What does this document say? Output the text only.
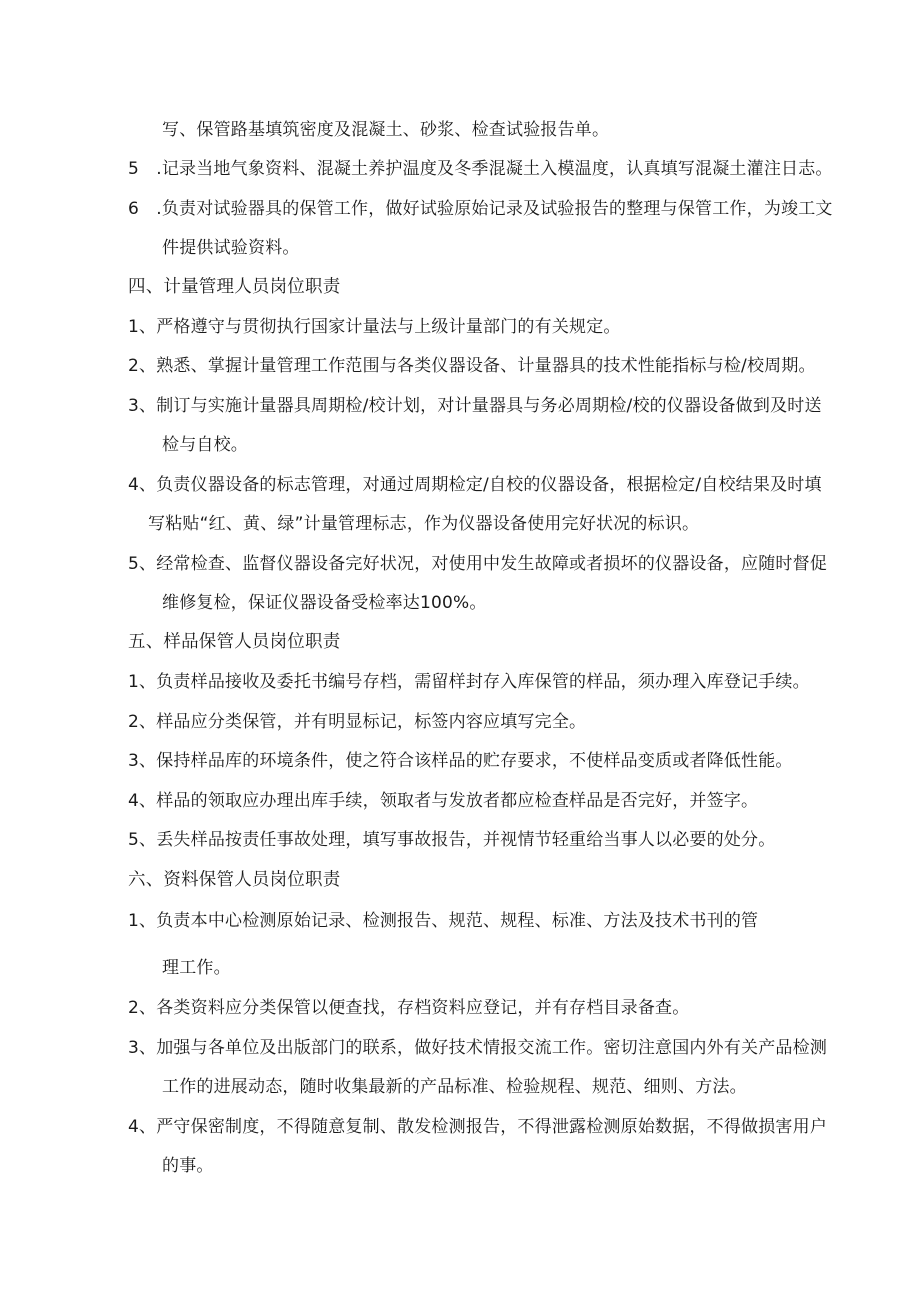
写、保管路基填筑密度及混凝土、砂浆、检查试验报告单。
5　.记录当地气象资料、混凝土养护温度及冬季混凝土入模温度，认真填写混凝土灌注日志。
6　.负责对试验器具的保管工作，做好试验原始记录及试验报告的整理与保管工作，为竣工文
件提供试验资料。
四、计量管理人员岗位职责
1、严格遵守与贯彻执行国家计量法与上级计量部门的有关规定。
2、熟悉、掌握计量管理工作范围与各类仪器设备、计量器具的技术性能指标与检/校周期。
3、制订与实施计量器具周期检/校计划，对计量器具与务必周期检/校的仪器设备做到及时送
检与自校。
4、负责仪器设备的标志管理，对通过周期检定/自校的仪器设备，根据检定/自校结果及时填
写粘贴“红、黄、绿”计量管理标志，作为仪器设备使用完好状况的标识。
5、经常检查、监督仪器设备完好状况，对使用中发生故障或者损坏的仪器设备，应随时督促
维修复检，保证仪器设备受检率达100%。
五、样品保管人员岗位职责
1、负责样品接收及委托书编号存档，需留样封存入库保管的样品，须办理入库登记手续。
2、样品应分类保管，并有明显标记，标签内容应填写完全。
3、保持样品库的环境条件，使之符合该样品的贮存要求，不使样品变质或者降低性能。
4、样品的领取应办理出库手续，领取者与发放者都应检查样品是否完好，并签字。
5、丢失样品按责任事故处理，填写事故报告，并视情节轻重给当事人以必要的处分。
六、资料保管人员岗位职责
1、负责本中心检测原始记录、检测报告、规范、规程、标准、方法及技术书刊的管
理工作。
2、各类资料应分类保管以便查找，存档资料应登记，并有存档目录备查。
3、加强与各单位及出版部门的联系，做好技术情报交流工作。密切注意国内外有关产品检测
工作的进展动态，随时收集最新的产品标准、检验规程、规范、细则、方法。
4、严守保密制度，不得随意复制、散发检测报告，不得泄露检测原始数据，不得做损害用户
的事。
